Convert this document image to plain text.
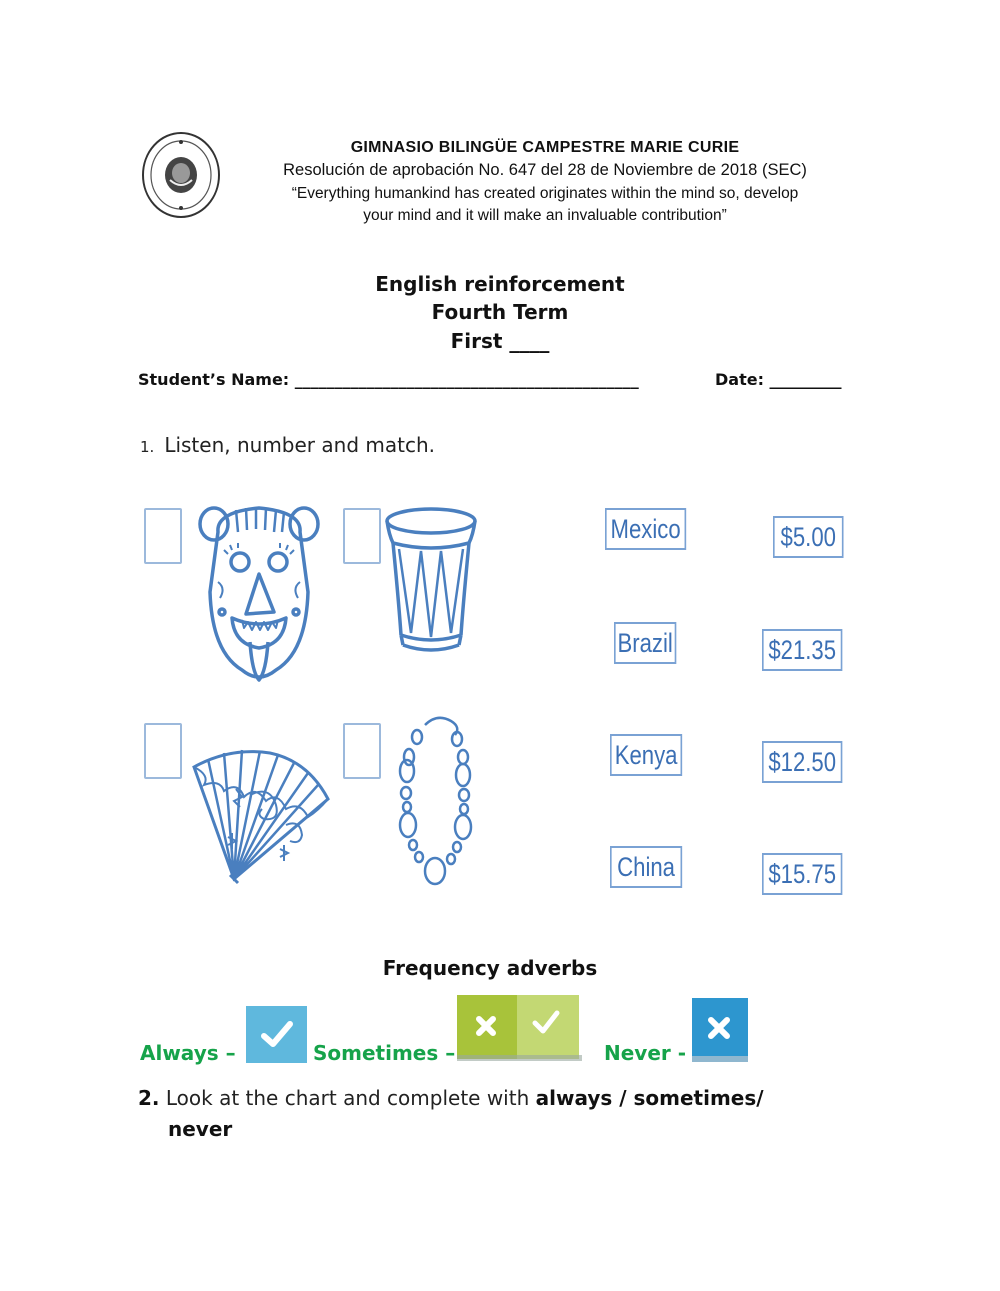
GIMNASIO BILINGÜE CAMPESTRE MARIE CURIE
Resolución de aprobación No. 647 del 28 de Noviembre de 2018 (SEC)
“Everything humankind has created originates within the mind so, develop
your mind and it will make an invaluable contribution”
English reinforcement
Fourth Term
First ____
Student’s Name: ___________________________________________	Date: _________
1. Listen, number and match.
Mexico
Brazil
Kenya
China
$5.00
$21.35
$12.50
$15.75
Frequency adverbs
Always –	Sometimes –	Never -
2. Look at the chart and complete with always / sometimes/
never
